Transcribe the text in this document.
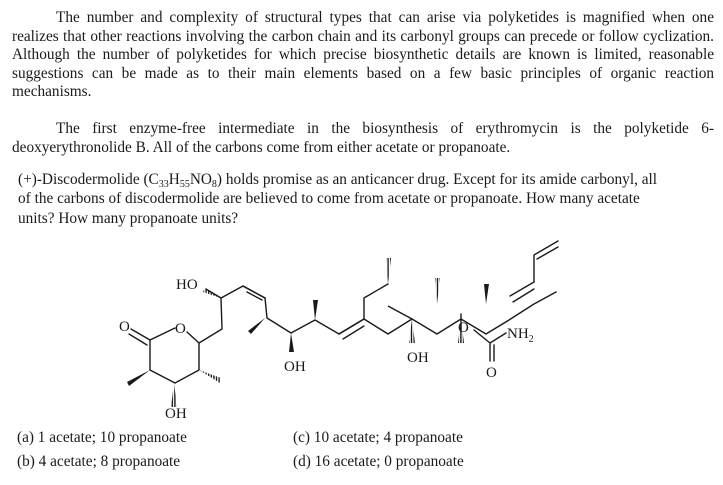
The number and complexity of structural types that can arise via polyketides is magnified when one realizes that other reactions involving the carbon chain and its carbonyl groups can precede or follow cyclization. Although the number of polyketides for which precise biosynthetic details are known is limited, reasonable suggestions can be made as to their main elements based on a few basic principles of organic reaction mechanisms.

The first enzyme-free intermediate in the biosynthesis of erythromycin is the polyketide 6-deoxyerythronolide B. All of the carbons come from either acetate or propanoate.

(+)-Discodermolide $(C_{33}H_{55}NO_8)$ holds promise as an anticancer drug. Except for its amide carbonyl, all of the carbons of discodermolide are believed to come from acetate or propanoate. How many acetate units? How many propanoate units?

HO
O
O
OH
OH
OH
O
O
$NH_2$
(a) 1 acetate; 10 propanoate
(b) 4 acetate; 8 propanoate
(c) 10 acetate; 4 propanoate
(d) 16 acetate; 0 propanoate
